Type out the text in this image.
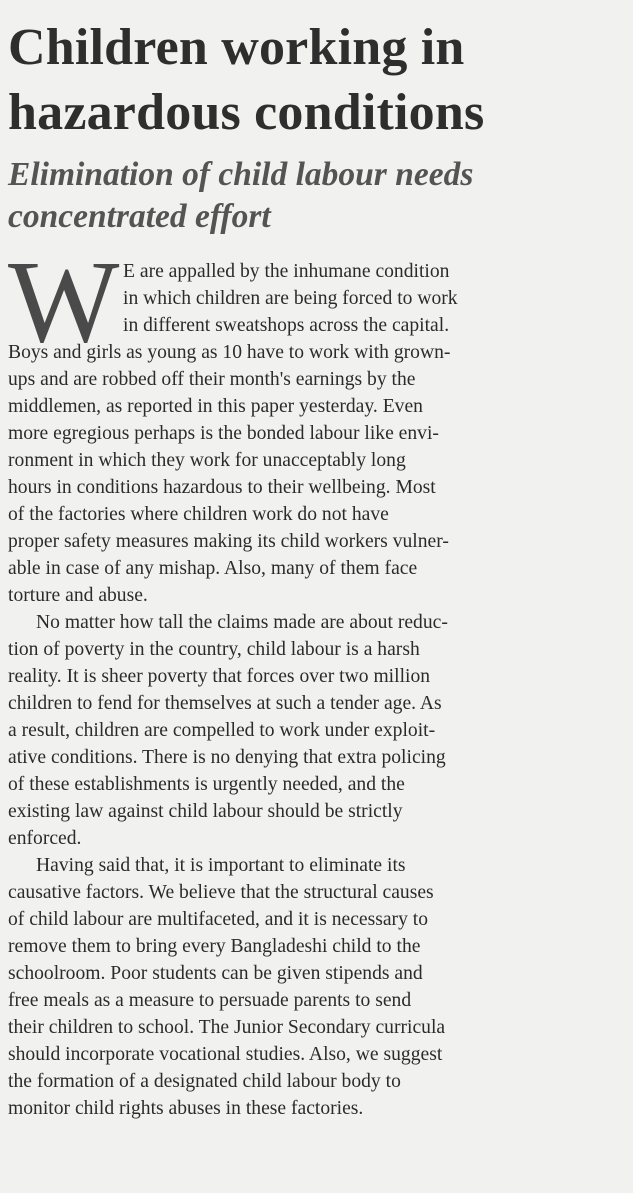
Children working in
hazardous conditions
Elimination of child labour needs
concentrated effort
W E are appalled by the inhumane condition
in which children are being forced to work
in different sweatshops across the capital.
Boys and girls as young as 10 have to work with grown-
ups and are robbed off their month's earnings by the
middlemen, as reported in this paper yesterday. Even
more egregious perhaps is the bonded labour like envi-
ronment in which they work for unacceptably long
hours in conditions hazardous to their wellbeing. Most
of the factories where children work do not have
proper safety measures making its child workers vulner-
able in case of any mishap. Also, many of them face
torture and abuse.
No matter how tall the claims made are about reduc-
tion of poverty in the country, child labour is a harsh
reality. It is sheer poverty that forces over two million
children to fend for themselves at such a tender age. As
a result, children are compelled to work under exploit-
ative conditions. There is no denying that extra policing
of these establishments is urgently needed, and the
existing law against child labour should be strictly
enforced.
Having said that, it is important to eliminate its
causative factors. We believe that the structural causes
of child labour are multifaceted, and it is necessary to
remove them to bring every Bangladeshi child to the
schoolroom. Poor students can be given stipends and
free meals as a measure to persuade parents to send
their children to school. The Junior Secondary curricula
should incorporate vocational studies. Also, we suggest
the formation of a designated child labour body to
monitor child rights abuses in these factories.
